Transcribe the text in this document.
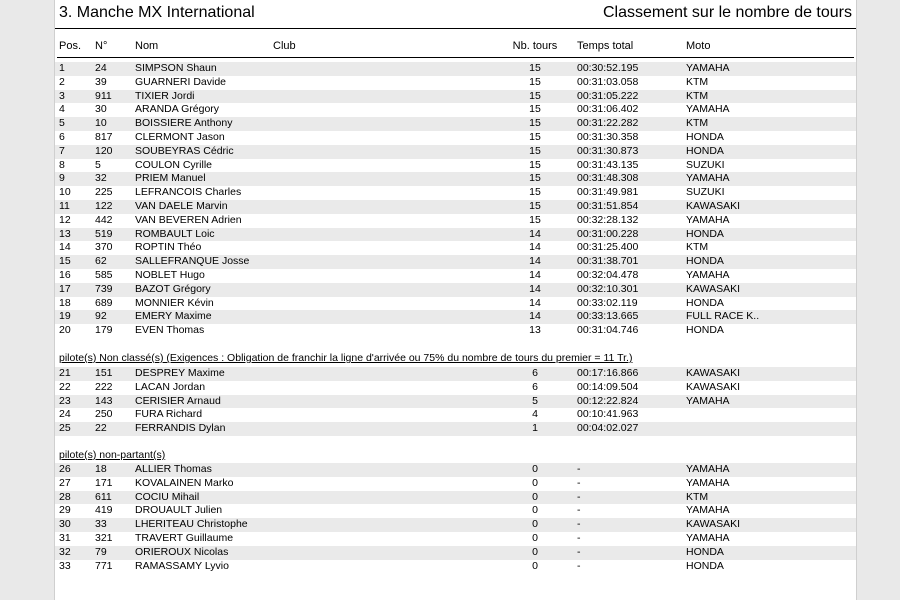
3. Manche MX International	Classement sur le nombre de tours
Pos. N°	Nom	Club	Nb. tours	Temps total	Moto
1	24	SIMPSON Shaun	15	00:30:52.195	YAMAHA
2	39	GUARNERI Davide	15	00:31:03.058	KTM
3	911 TIXIER Jordi	15	00:31:05.222	KTM
4	30	ARANDA Grégory	15	00:31:06.402	YAMAHA
5	10	BOISSIERE Anthony	15	00:31:22.282	KTM
6	817 CLERMONT Jason	15	00:31:30.358	HONDA
7	120 SOUBEYRAS Cédric	15	00:31:30.873	HONDA
8	5	COULON Cyrille	15	00:31:43.135	SUZUKI
9	32	PRIEM Manuel	15	00:31:48.308	YAMAHA
10 225 LEFRANCOIS Charles	15	00:31:49.981	SUZUKI
11 122 VAN DAELE Marvin	15	00:31:51.854	KAWASAKI
12 442 VAN BEVEREN Adrien	15	00:32:28.132	YAMAHA
13 519 ROMBAULT Loic	14	00:31:00.228	HONDA
14 370 ROPTIN Théo	14	00:31:25.400	KTM
15 62	SALLEFRANQUE Josse	14	00:31:38.701	HONDA
16 585 NOBLET Hugo	14	00:32:04.478	YAMAHA
17 739 BAZOT Grégory	14	00:32:10.301	KAWASAKI
18 689 MONNIER Kévin	14	00:33:02.119	HONDA
19 92	EMERY Maxime	14	00:33:13.665	FULL RACE K..
20 179 EVEN Thomas	13	00:31:04.746	HONDA
pilote(s) Non classé(s) (Exigences : Obligation de franchir la ligne d'arrivée ou 75% du nombre de tours du premier = 11 Tr.)
21 151 DESPREY Maxime	6	00:17:16.866	KAWASAKI
22 222 LACAN Jordan	6	00:14:09.504	KAWASAKI
23 143 CERISIER Arnaud	5	00:12:22.824	YAMAHA
24 250 FURA Richard	4	00:10:41.963
25 22	FERRANDIS Dylan	1	00:04:02.027
pilote(s) non-partant(s)
26 18	ALLIER Thomas	0	-	YAMAHA
27 171 KOVALAINEN Marko	0	-	YAMAHA
28 611 COCIU Mihail	0	-	KTM
29 419 DROUAULT Julien	0	-	YAMAHA
30 33	LHERITEAU Christophe	0	-	KAWASAKI
31 321 TRAVERT Guillaume	0	-	YAMAHA
32 79	ORIEROUX Nicolas	0	-	HONDA
33 771 RAMASSAMY Lyvio	0	-	HONDA
